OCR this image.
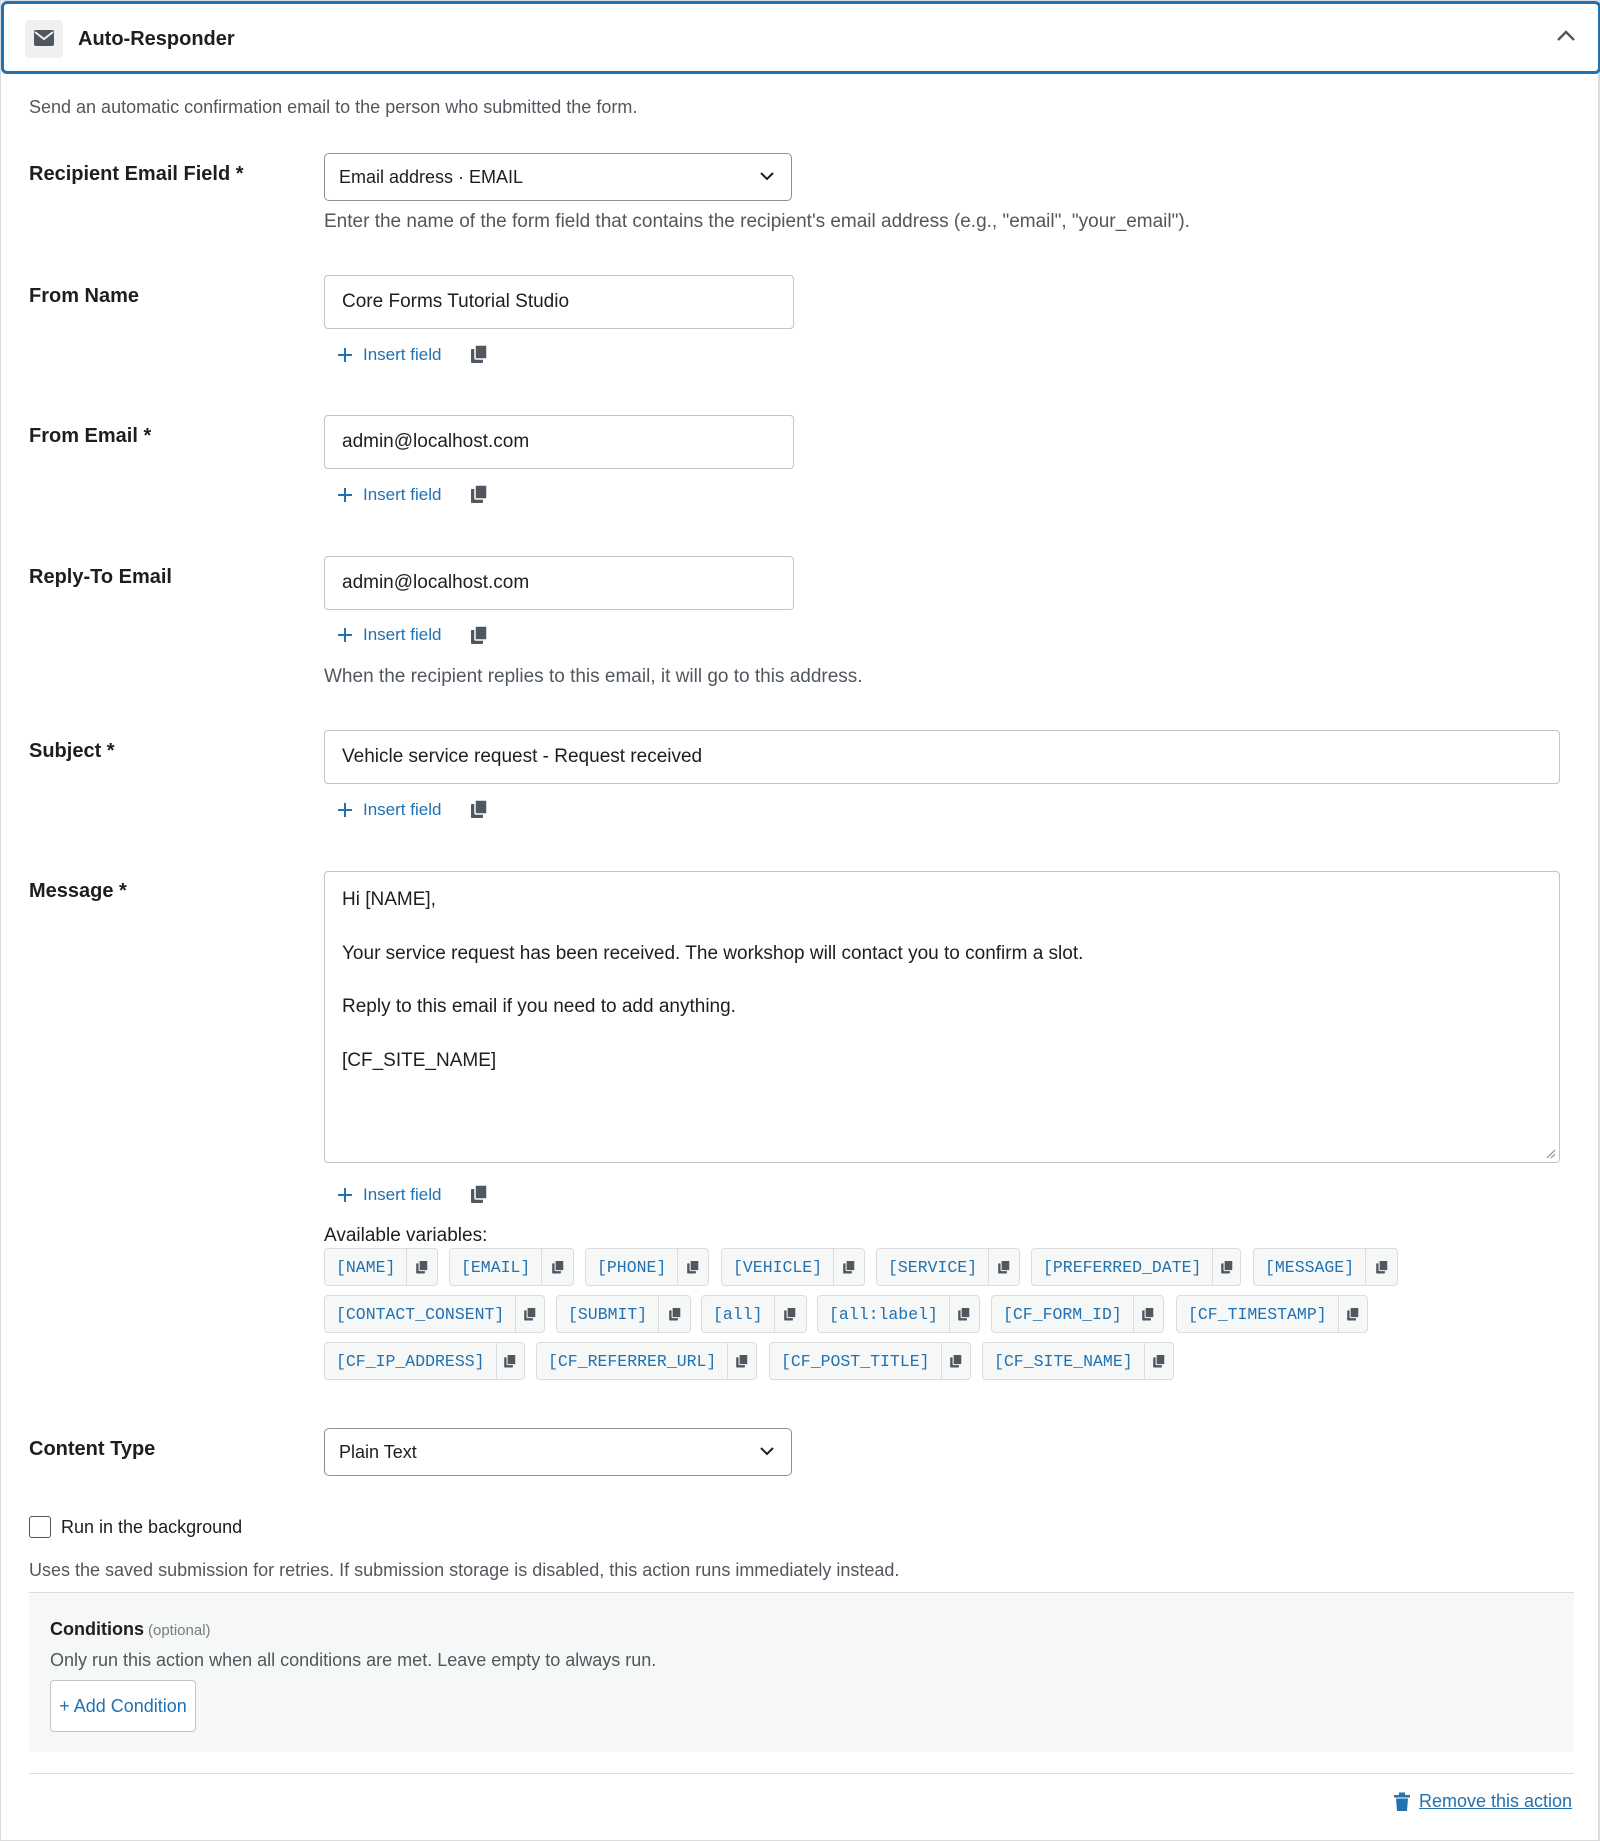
Auto-Responder
Send an automatic confirmation email to the person who submitted the form.
Recipient Email Field *	Email address · EMAIL
Enter the name of the form field that contains the recipient's email address (e.g., "email", "your_email").
From Name	Core Forms Tutorial Studio
Insert field
From Email *	admin@localhost.com
Insert field
Reply-To Email	admin@localhost.com
Insert field
When the recipient replies to this email, it will go to this address.
Subject *	Vehicle service request - Request received
Insert field
Message *	Hi [NAME],
Your service request has been received. The workshop will contact you to confirm a slot.
Reply to this email if you need to add anything.
[CF_SITE_NAME]
Insert field
Available variables:
[NAME]	[EMAIL]	[PHONE]	[VEHICLE]	[SERVICE]	[PREFERRED_DATE]	[MESSAGE]
[CONTACT_CONSENT]	[SUBMIT]	[all]	[all:label]	[CF_FORM_ID]	[CF_TIMESTAMP]
[CF_IP_ADDRESS]	[CF_REFERRER_URL]	[CF_POST_TITLE]	[CF_SITE_NAME]
Content Type	Plain Text
Run in the background
Uses the saved submission for retries. If submission storage is disabled, this action runs immediately instead.
Conditions (optional)
Only run this action when all conditions are met. Leave empty to always run.
+ Add Condition
Remove this action
